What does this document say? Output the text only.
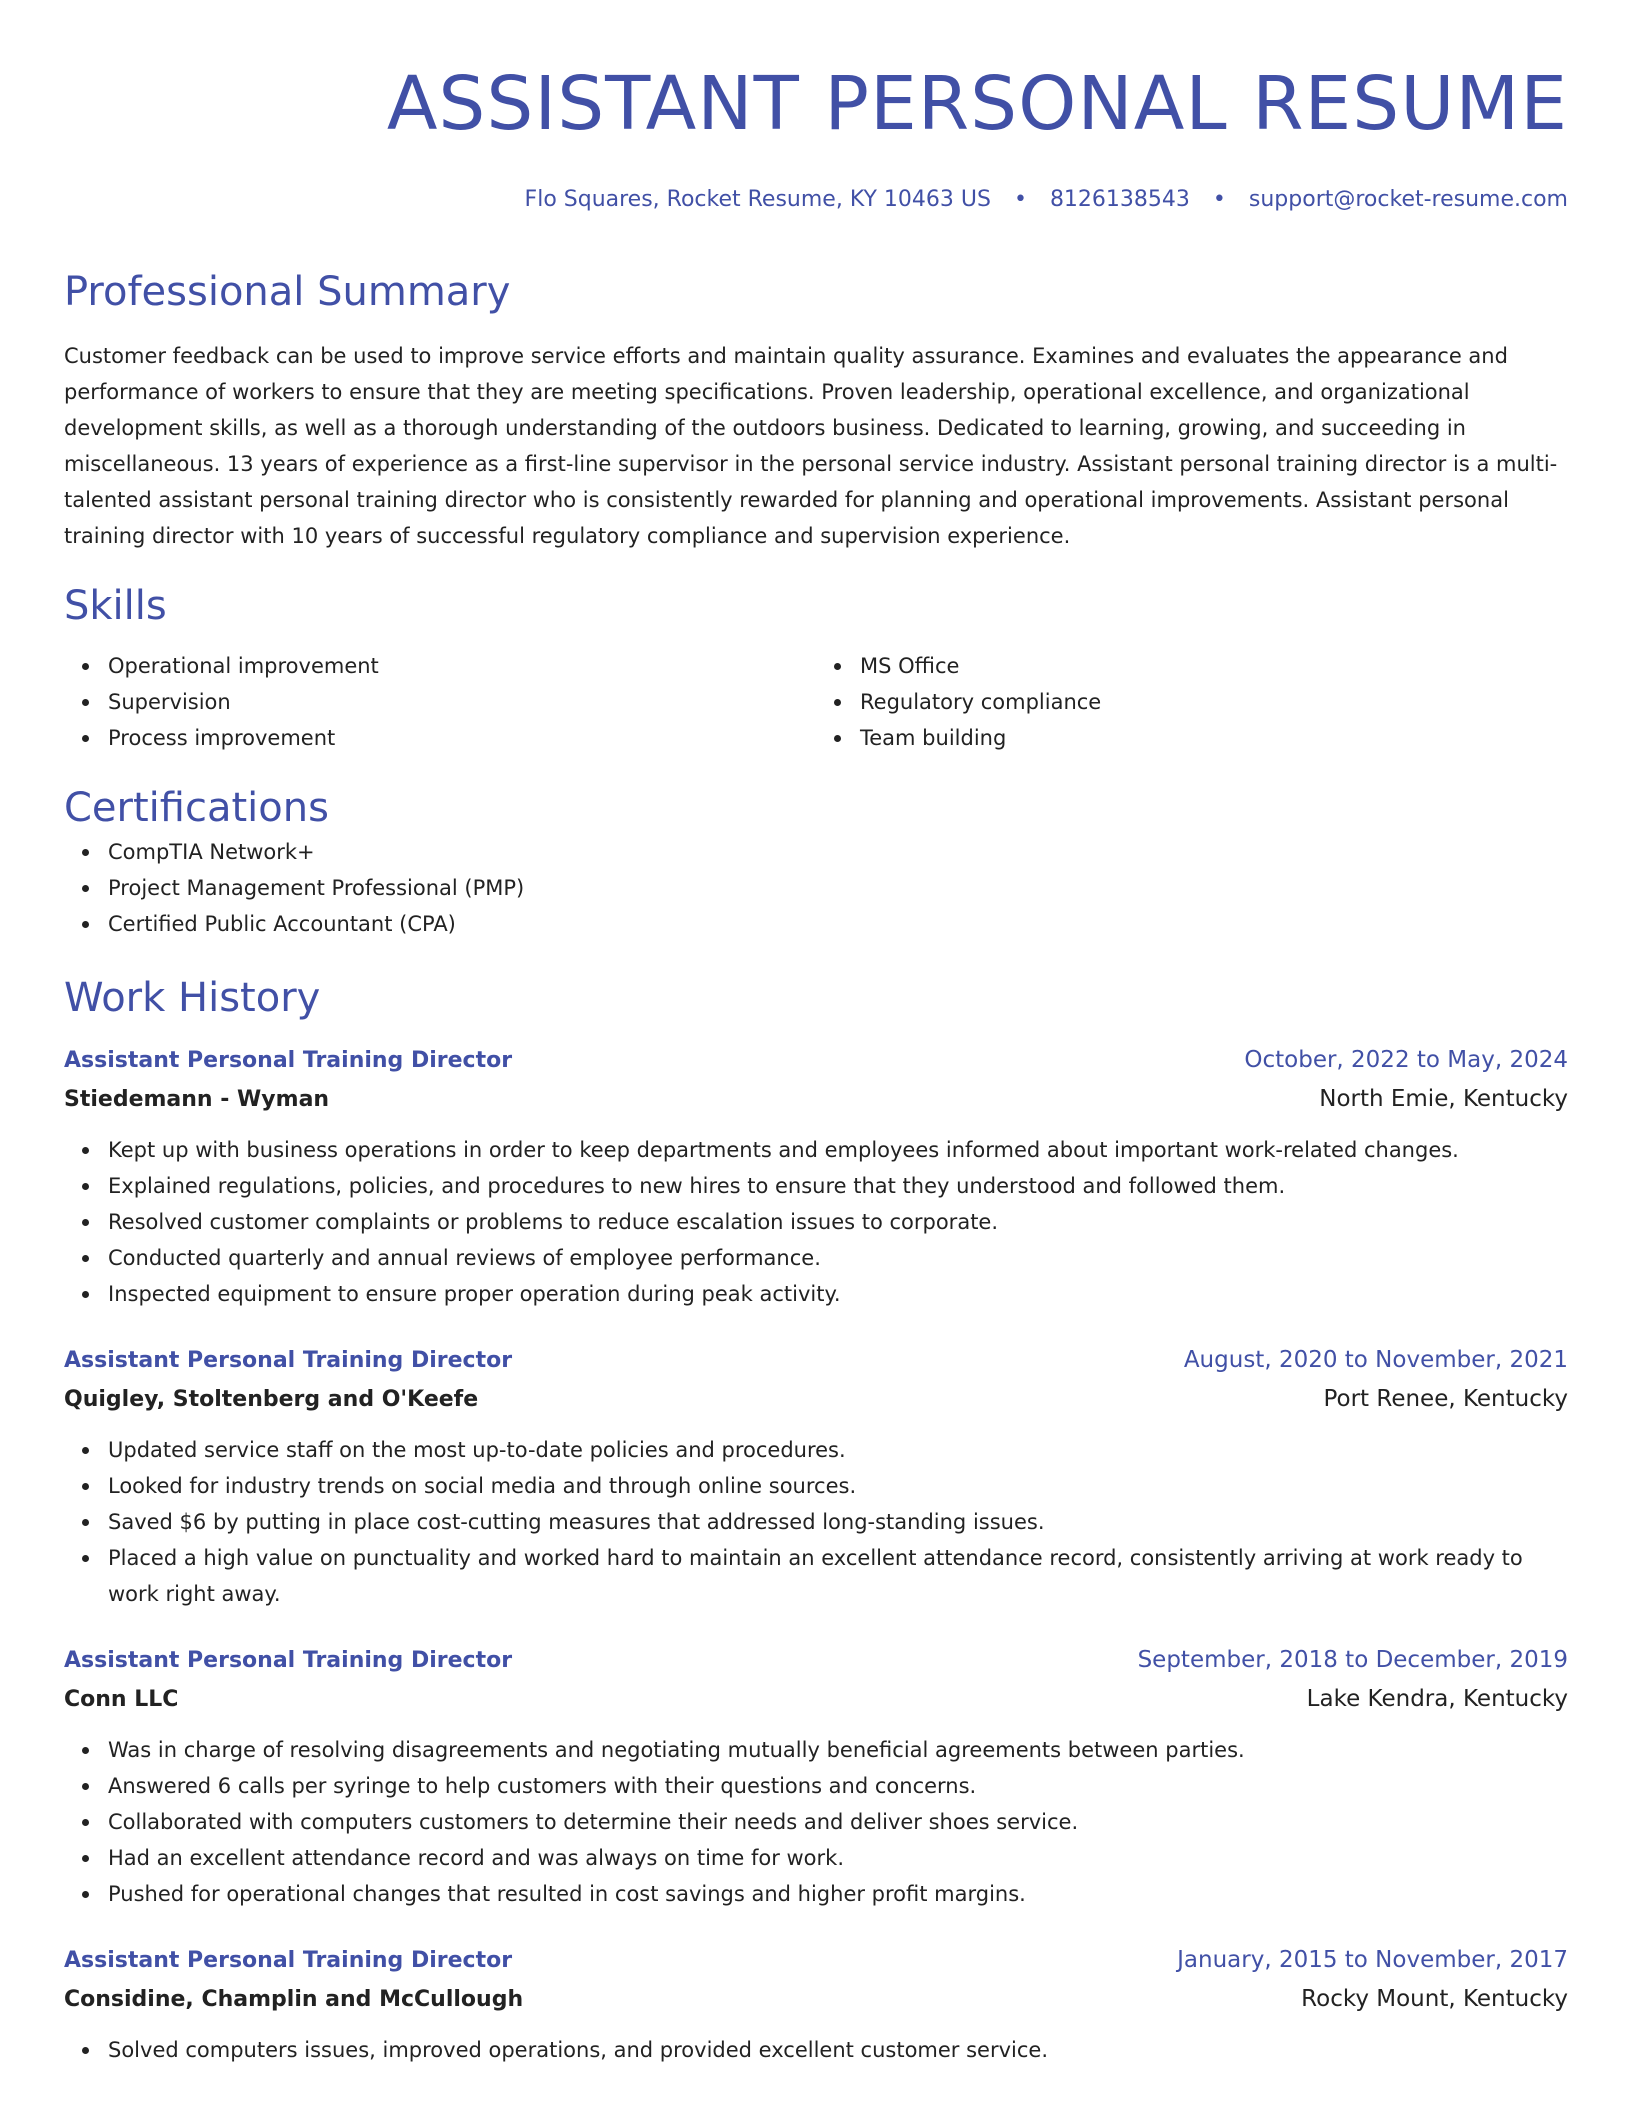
ASSISTANT PERSONAL RESUME
Flo Squares, Rocket Resume, KY 10463 US • 8126138543 • support@rocket-resume.com
Professional Summary
Customer feedback can be used to improve service efforts and maintain quality assurance. Examines and evaluates the appearance and performance of workers to ensure that they are meeting specifications. Proven leadership, operational excellence, and organizational development skills, as well as a thorough understanding of the outdoors business. Dedicated to learning, growing, and succeeding in miscellaneous. 13 years of experience as a first-line supervisor in the personal service industry. Assistant personal training director is a multi-talented assistant personal training director who is consistently rewarded for planning and operational improvements. Assistant personal training director with 10 years of successful regulatory compliance and supervision experience.
Skills
Operational improvement
Supervision
Process improvement
MS Office
Regulatory compliance
Team building
Certifications
CompTIA Network+
Project Management Professional (PMP)
Certified Public Accountant (CPA)
Work History
Assistant Personal Training Director	October, 2022 to May, 2024
Stiedemann - Wyman	North Emie, Kentucky
Kept up with business operations in order to keep departments and employees informed about important work-related changes.
Explained regulations, policies, and procedures to new hires to ensure that they understood and followed them.
Resolved customer complaints or problems to reduce escalation issues to corporate.
Conducted quarterly and annual reviews of employee performance.
Inspected equipment to ensure proper operation during peak activity.
Assistant Personal Training Director	August, 2020 to November, 2021
Quigley, Stoltenberg and O'Keefe	Port Renee, Kentucky
Updated service staff on the most up-to-date policies and procedures.
Looked for industry trends on social media and through online sources.
Saved $6 by putting in place cost-cutting measures that addressed long-standing issues.
Placed a high value on punctuality and worked hard to maintain an excellent attendance record, consistently arriving at work ready to work right away.
Assistant Personal Training Director	September, 2018 to December, 2019
Conn LLC	Lake Kendra, Kentucky
Was in charge of resolving disagreements and negotiating mutually beneficial agreements between parties.
Answered 6 calls per syringe to help customers with their questions and concerns.
Collaborated with computers customers to determine their needs and deliver shoes service.
Had an excellent attendance record and was always on time for work.
Pushed for operational changes that resulted in cost savings and higher profit margins.
Assistant Personal Training Director	January, 2015 to November, 2017
Considine, Champlin and McCullough	Rocky Mount, Kentucky
Solved computers issues, improved operations, and provided excellent customer service.
